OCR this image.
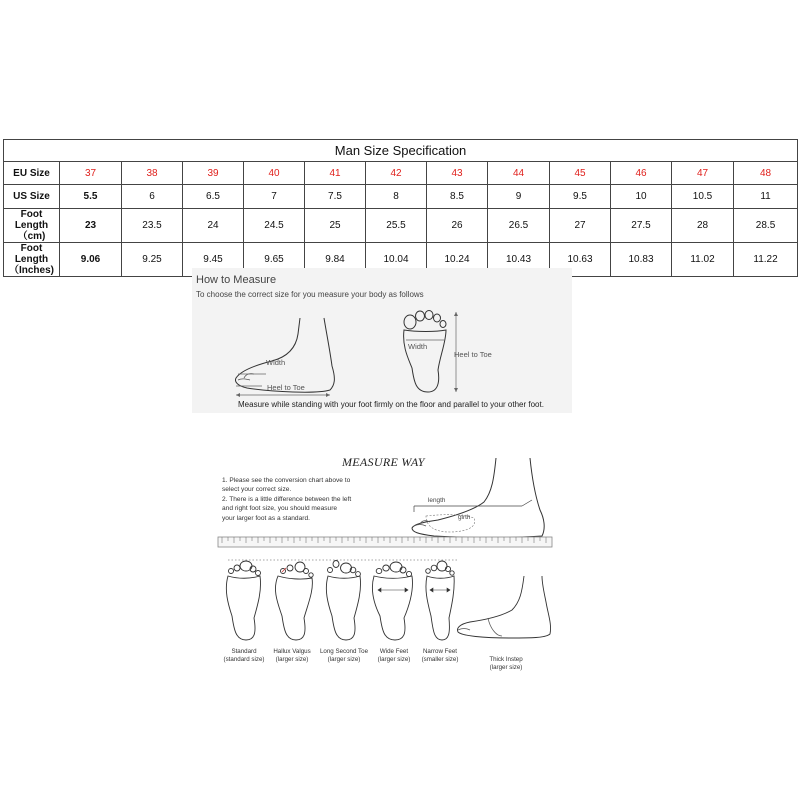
Man Size Specification												
EU Size	37	38	39	40	41	42	43	44	45	46	47	48
US Size	5.5	6	6.5	7	7.5	8	8.5	9	9.5	10	10.5	11

Foot Length
（cm)	23	23.5	24	24.5	25	25.5	26	26.5	27	27.5	28	28.5

Foot Length
（Inches)	9.06	9.25	9.45	9.65	9.84	10.04	10.24	10.43	10.63	10.83	11.02	11.22
How to Measure
To choose the correct size for you measure your body as follows
Width
Heel to Toe
Width
Heel to Toe
Measure while standing with your foot firmly on the floor and parallel to your other foot.
MEASURE WAY
1. Please see the conversion chart above to
select your correct size.
2. There is a little difference between the left
and right foot size, you should measure
your larger foot as a standard.
length
girth
Standard
(standard size)
Hallux Valgus
(larger size)
Long Second Toe
(larger size)
Wide Feet
(larger size)
Narrow Feet
(smaller size)	Thick Instep
(larger size)
